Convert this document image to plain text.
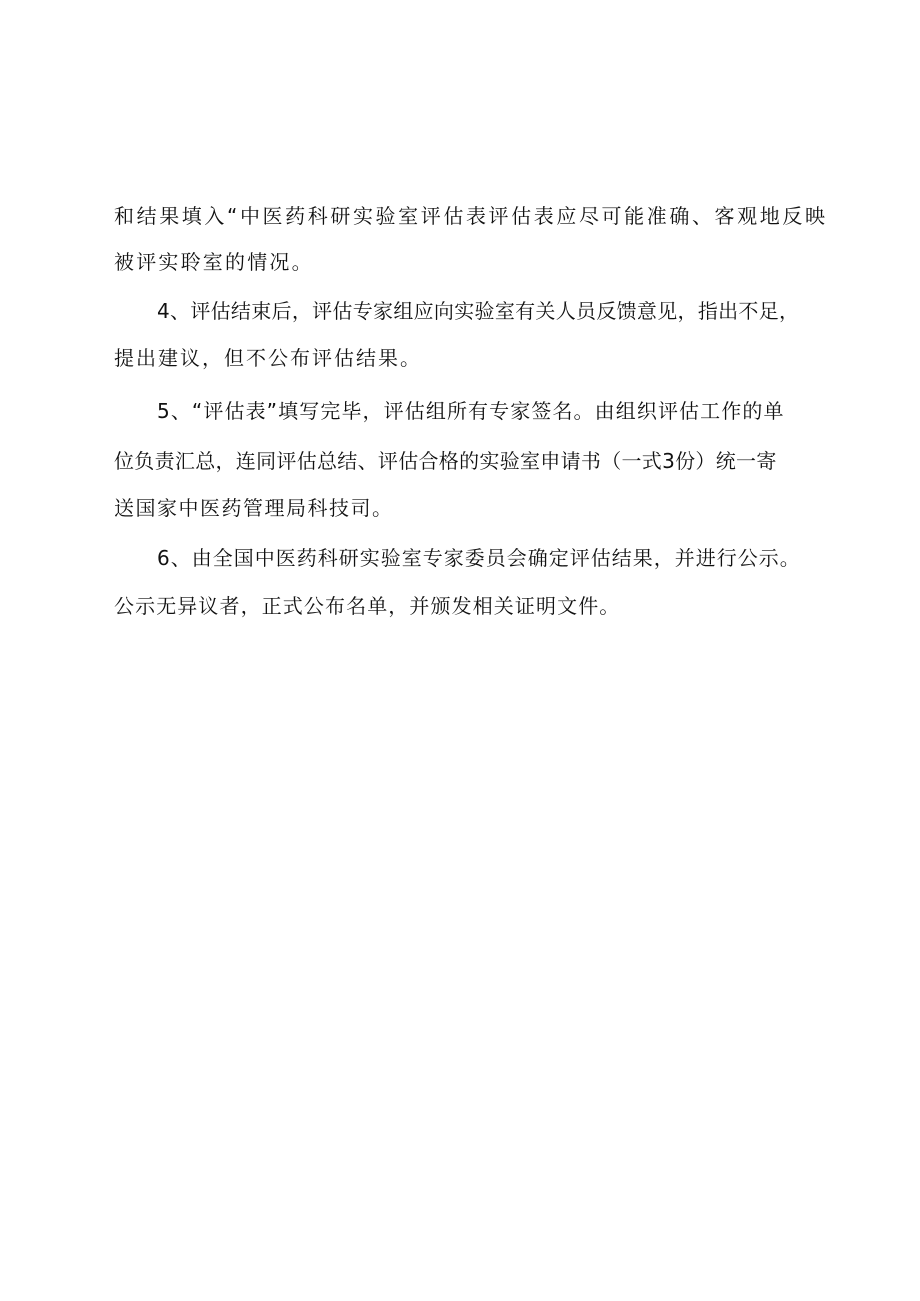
和结果填入“中医药科研实验室评估表评估表应尽可能准确、客观地反映
被评实聆室的情况。
4、评估结束后，评估专家组应向实验室有关人员反馈意见，指出不足，
提出建议，但不公布评估结果。
5、“评估表”填写完毕，评估组所有专家签名。由组织评估工作的单
位负责汇总，连同评估总结、评估合格的实验室申请书（一式3份）统一寄
送国家中医药管理局科技司。
6、由全国中医药科研实验室专家委员会确定评估结果，并进行公示。
公示无异议者，正式公布名单，并颁发相关证明文件。
